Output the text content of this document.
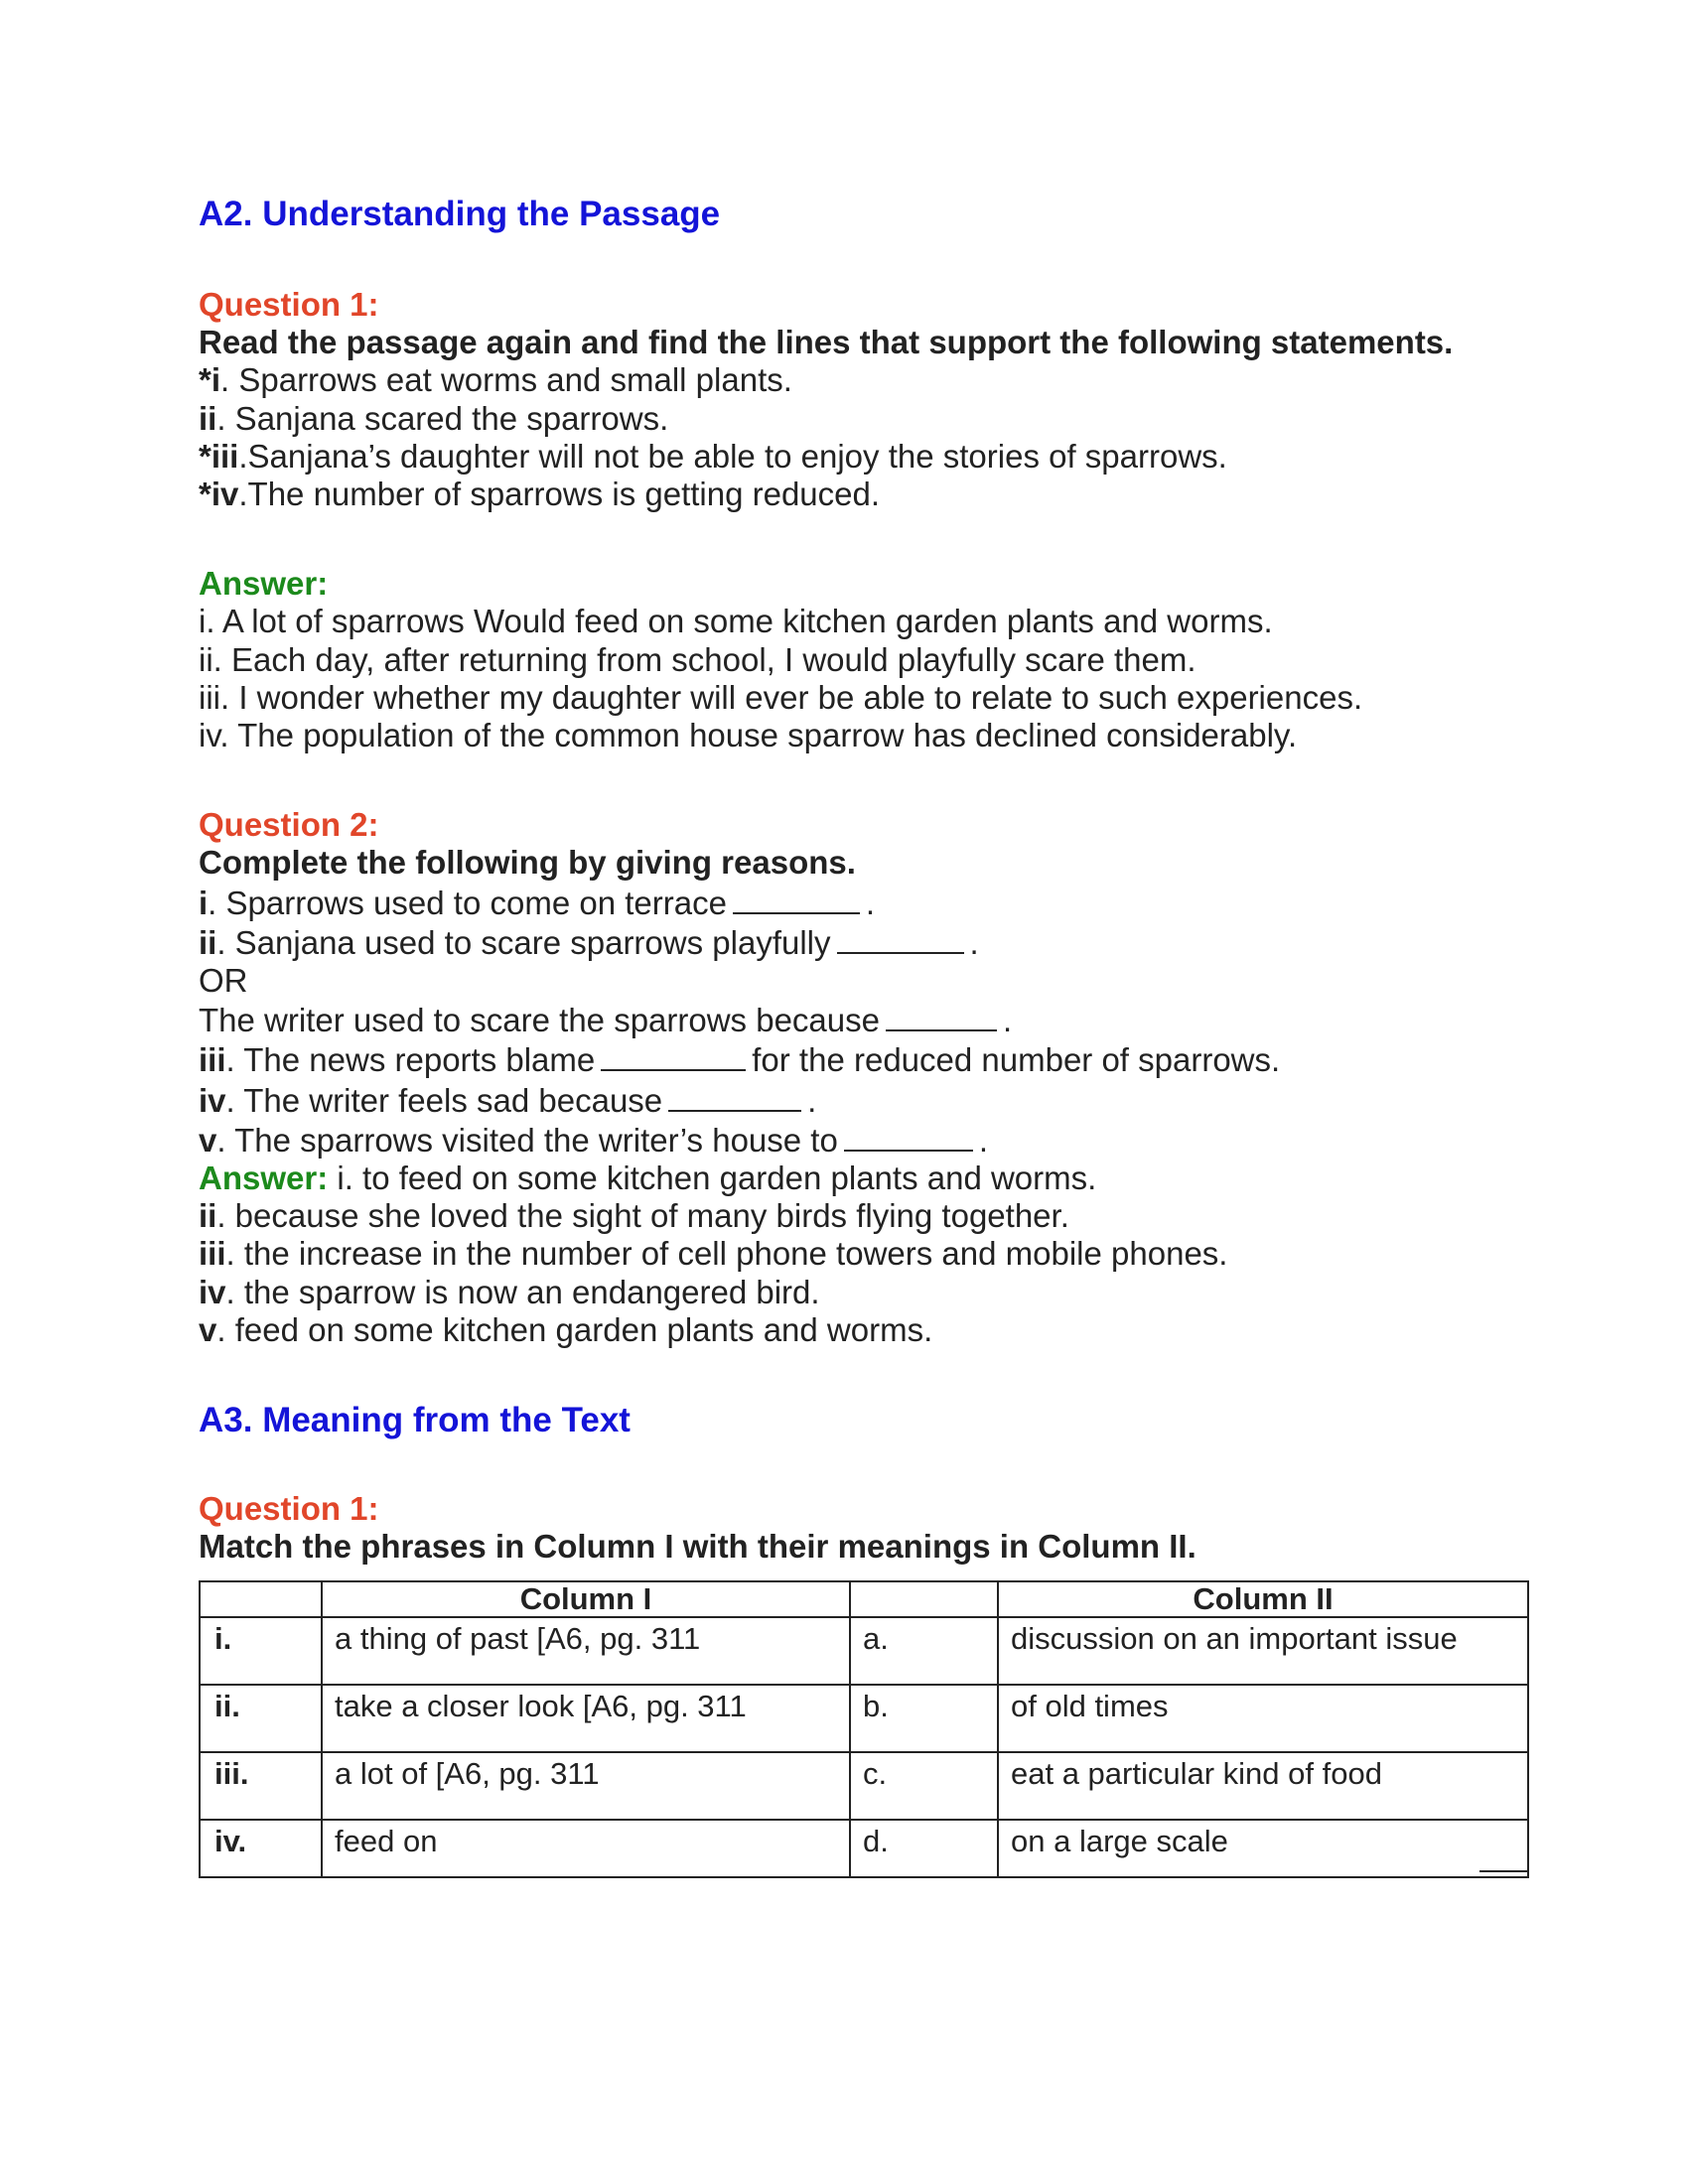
A2. Understanding the Passage

Question 1:

Read the passage again and find the lines that support the following statements.

*i. Sparrows eat worms and small plants.

ii. Sanjana scared the sparrows.

*iii.Sanjana’s daughter will not be able to enjoy the stories of sparrows.

*iv.The number of sparrows is getting reduced.

Answer:

i. A lot of sparrows Would feed on some kitchen garden plants and worms.

ii. Each day, after returning from school, I would playfully scare them.

iii. I wonder whether my daughter will ever be able to relate to such experiences.

iv. The population of the common house sparrow has declined considerably.

Question 2:

Complete the following by giving reasons.

i. Sparrows used to come on terrace	.

ii. Sanjana used to scare sparrows playfully	.

OR

The writer used to scare the sparrows because	.

iii. The news reports blame	for the reduced number of sparrows.

iv. The writer feels sad because	.

v. The sparrows visited the writer’s house to	.

Answer: i. to feed on some kitchen garden plants and worms.

ii. because she loved the sight of many birds flying together.

iii. the increase in the number of cell phone towers and mobile phones.

iv. the sparrow is now an endangered bird.

v. feed on some kitchen garden plants and worms.

A3. Meaning from the Text

Question 1:

Match the phrases in Column I with their meanings in Column II.

	Column I		Column II
i.	a thing of past [A6, pg. 311	a.	discussion on an important issue
ii.	take a closer look [A6, pg. 311	b.	of old times
iii.	a lot of [A6, pg. 311	c.	eat a particular kind of food
iv.	feed on	d.	on a large scale
